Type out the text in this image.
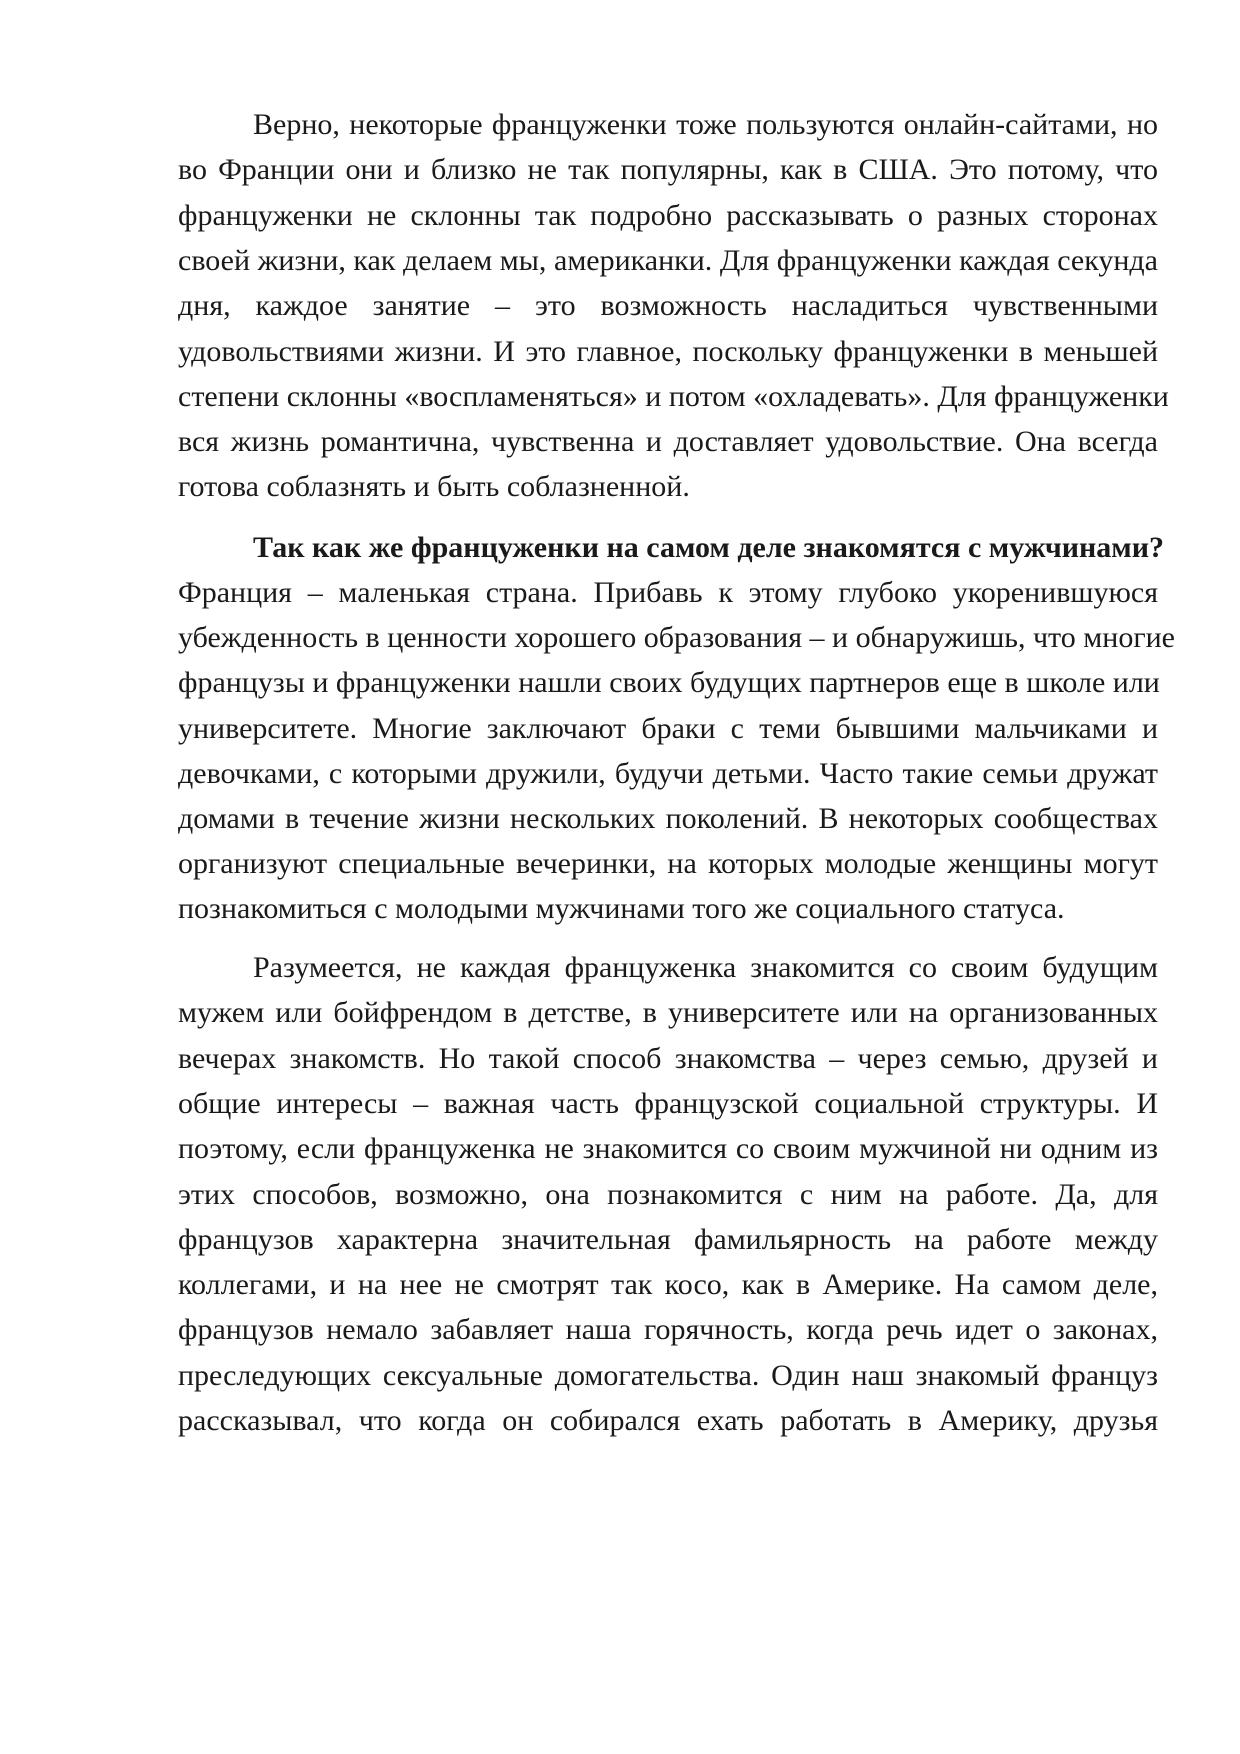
Верно, некоторые француженки тоже пользуются онлайн-сайтами, но
во Франции они и близко не так популярны, как в США. Это потому, что
француженки не склонны так подробно рассказывать о разных сторонах
своей жизни, как делаем мы, американки. Для француженки каждая секунда
дня, каждое занятие – это возможность насладиться чувственными
удовольствиями жизни. И это главное, поскольку француженки в меньшей
степени склонны «воспламеняться» и потом «охладевать». Для француженки
вся жизнь романтична, чувственна и доставляет удовольствие. Она всегда
готова соблазнять и быть соблазненной.
Так как же француженки на самом деле знакомятся с мужчинами?
Франция – маленькая страна. Прибавь к этому глубоко укоренившуюся
убежденность в ценности хорошего образования – и обнаружишь, что многие
французы и француженки нашли своих будущих партнеров еще в школе или
университете. Многие заключают браки с теми бывшими мальчиками и
девочками, с которыми дружили, будучи детьми. Часто такие семьи дружат
домами в течение жизни нескольких поколений. В некоторых сообществах
организуют специальные вечеринки, на которых молодые женщины могут
познакомиться с молодыми мужчинами того же социального статуса.
Разумеется, не каждая француженка знакомится со своим будущим
мужем или бойфрендом в детстве, в университете или на организованных
вечерах знакомств. Но такой способ знакомства – через семью, друзей и
общие интересы – важная часть французской социальной структуры. И
поэтому, если француженка не знакомится со своим мужчиной ни одним из
этих способов, возможно, она познакомится с ним на работе. Да, для
французов характерна значительная фамильярность на работе между
коллегами, и на нее не смотрят так косо, как в Америке. На самом деле,
французов немало забавляет наша горячность, когда речь идет о законах,
преследующих сексуальные домогательства. Один наш знакомый француз
рассказывал, что когда он собирался ехать работать в Америку, друзья
